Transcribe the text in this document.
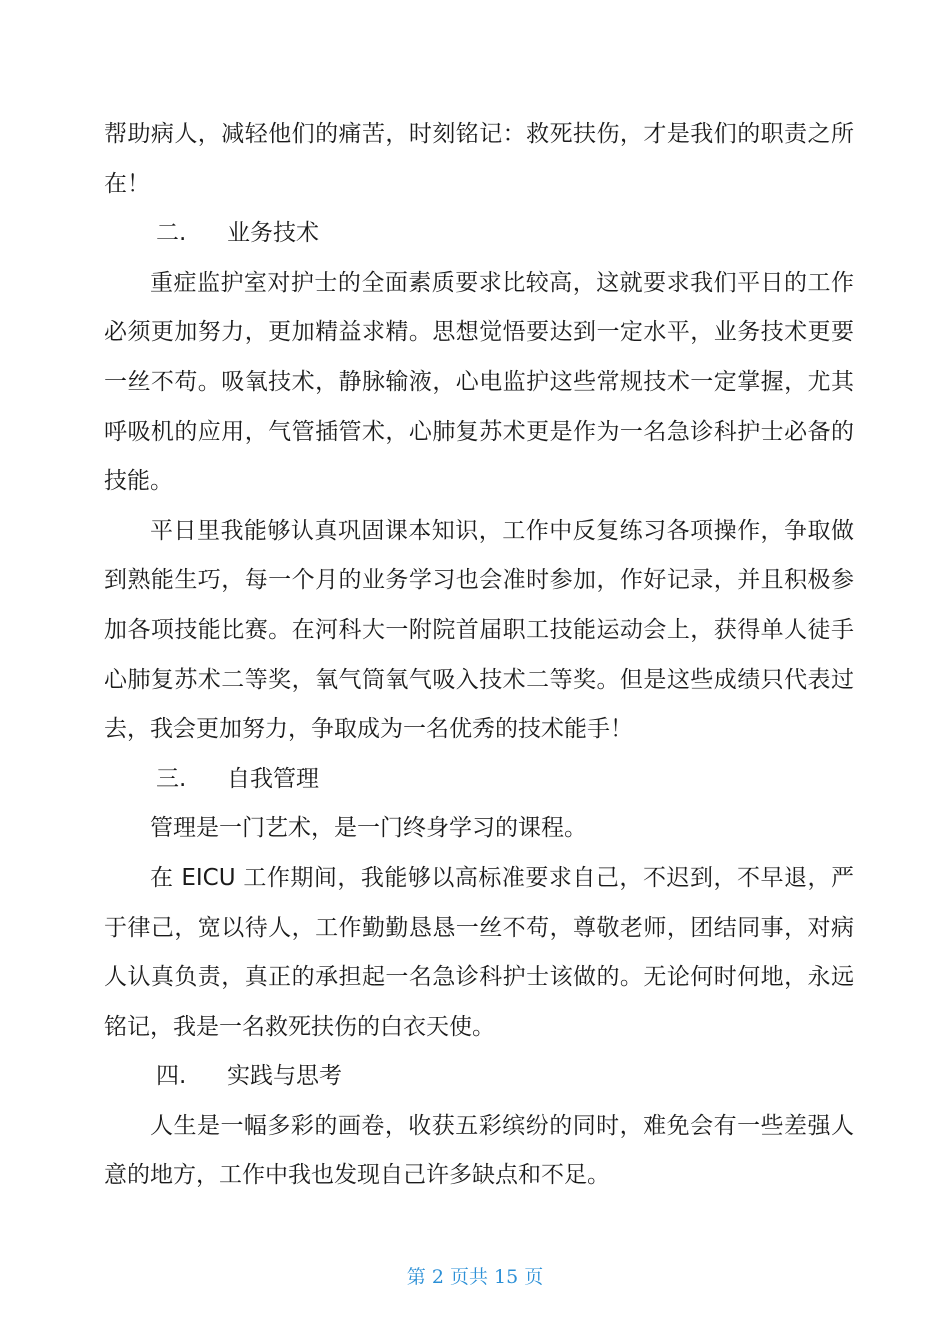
帮助病人，减轻他们的痛苦，时刻铭记：救死扶伤，才是我们的职责之所在！

二. 业务技术

重症监护室对护士的全面素质要求比较高，这就要求我们平日的工作必须更加努力，更加精益求精。思想觉悟要达到一定水平，业务技术更要一丝不苟。吸氧技术，静脉输液，心电监护这些常规技术一定掌握，尤其呼吸机的应用，气管插管术，心肺复苏术更是作为一名急诊科护士必备的技能。

平日里我能够认真巩固课本知识，工作中反复练习各项操作，争取做到熟能生巧，每一个月的业务学习也会准时参加，作好记录，并且积极参加各项技能比赛。在河科大一附院首届职工技能运动会上，获得单人徒手心肺复苏术二等奖，氧气筒氧气吸入技术二等奖。但是这些成绩只代表过去，我会更加努力，争取成为一名优秀的技术能手！

三. 自我管理

管理是一门艺术，是一门终身学习的课程。

在 EICU 工作期间，我能够以高标准要求自己，不迟到，不早退，严于律己，宽以待人，工作勤勤恳恳一丝不苟，尊敬老师，团结同事，对病人认真负责，真正的承担起一名急诊科护士该做的。无论何时何地，永远铭记，我是一名救死扶伤的白衣天使。

四. 实践与思考

人生是一幅多彩的画卷，收获五彩缤纷的同时，难免会有一些差强人意的地方，工作中我也发现自己许多缺点和不足。

第 2 页共 15 页
